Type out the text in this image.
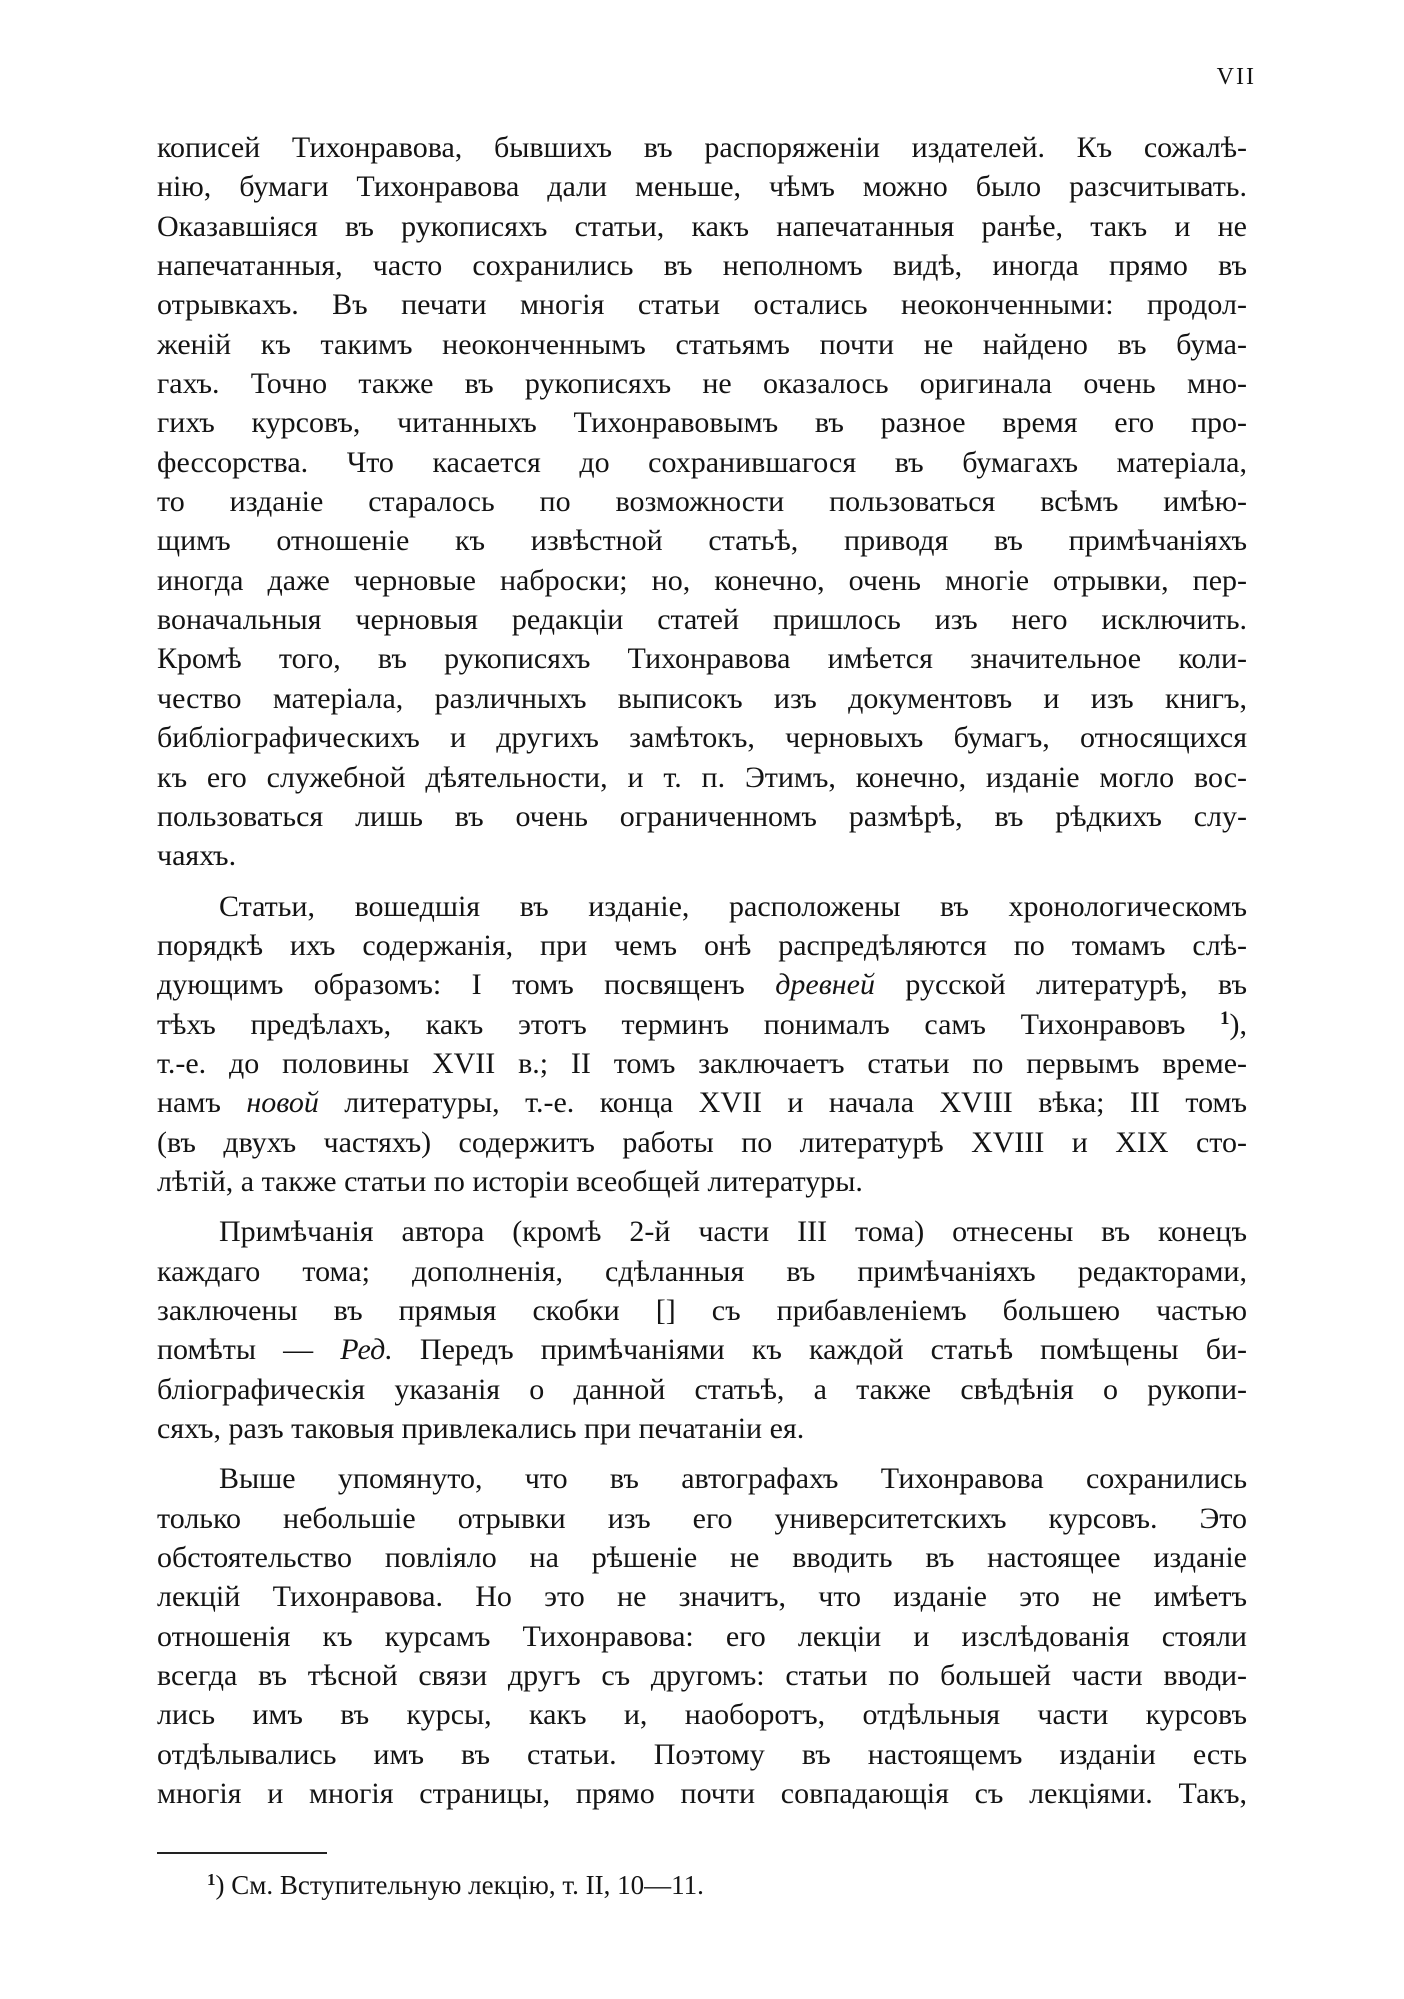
VII
кописей Тихонравова, бывшихъ въ распоряженіи издателей. Къ сожалѣ-
нію, бумаги Тихонравова дали меньше, чѣмъ можно было разсчитывать.
Оказавшіяся въ рукописяхъ статьи, какъ напечатанныя ранѣе, такъ и не
напечатанныя, часто сохранились въ неполномъ видѣ, иногда прямо въ
отрывкахъ. Въ печати многія статьи остались неоконченными: продол-
женій къ такимъ неоконченнымъ статьямъ почти не найдено въ бума-
гахъ. Точно также въ рукописяхъ не оказалось оригинала очень мно-
гихъ курсовъ, читанныхъ Тихонравовымъ въ разное время его про-
фессорства. Что касается до сохранившагося въ бумагахъ матеріала,
то изданіе старалось по возможности пользоваться всѣмъ имѣю-
щимъ отношеніе къ извѣстной статьѣ, приводя въ примѣчаніяхъ
иногда даже черновые наброски; но, конечно, очень многіе отрывки, пер-
воначальныя черновыя редакціи статей пришлось изъ него исключить.
Кромѣ того, въ рукописяхъ Тихонравова имѣется значительное коли-
чество матеріала, различныхъ выписокъ изъ документовъ и изъ книгъ,
библіографическихъ и другихъ замѣтокъ, черновыхъ бумагъ, относящихся
къ его служебной дѣятельности, и т. п. Этимъ, конечно, изданіе могло вос-
пользоваться лишь въ очень ограниченномъ размѣрѣ, въ рѣдкихъ слу-
чаяхъ.
Статьи, вошедшія въ изданіе, расположены въ хронологическомъ
порядкѣ ихъ содержанія, при чемъ онѣ распредѣляются по томамъ слѣ-
дующимъ образомъ: I томъ посвященъ древней русской литературѣ, въ
тѣхъ предѣлахъ, какъ этотъ терминъ понималъ самъ Тихонравовъ $^1$),
т.-е. до половины XVII в.; II томъ заключаетъ статьи по первымъ време-
намъ новой литературы, т.-е. конца XVII и начала XVIII вѣка; III томъ
(въ двухъ частяхъ) содержитъ работы по литературѣ XVIII и XIX сто-
лѣтій, а также статьи по исторіи всеобщей литературы.
Примѣчанія автора (кромѣ 2-й части III тома) отнесены въ конецъ
каждаго тома; дополненія, сдѣланныя въ примѣчаніяхъ редакторами,
заключены въ прямыя скобки [] съ прибавленіемъ большею частью
помѣты — Ред. Передъ примѣчаніями къ каждой статьѣ помѣщены би-
бліографическія указанія о данной статьѣ, а также свѣдѣнія о рукопи-
сяхъ, разъ таковыя привлекались при печатаніи ея.
Выше упомянуто, что въ автографахъ Тихонравова сохранились
только небольшіе отрывки изъ его университетскихъ курсовъ. Это
обстоятельство повліяло на рѣшеніе не вводить въ настоящее изданіе
лекцій Тихонравова. Но это не значитъ, что изданіе это не имѣетъ
отношенія къ курсамъ Тихонравова: его лекціи и изслѣдованія стояли
всегда въ тѣсной связи другъ съ другомъ: статьи по большей части вводи-
лись имъ въ курсы, какъ и, наоборотъ, отдѣльныя части курсовъ
отдѣлывались имъ въ статьи. Поэтому въ настоящемъ изданіи есть
многія и многія страницы, прямо почти совпадающія съ лекціями. Такъ,
$^1$) См. Вступительную лекцію, т. II, 10—11.
